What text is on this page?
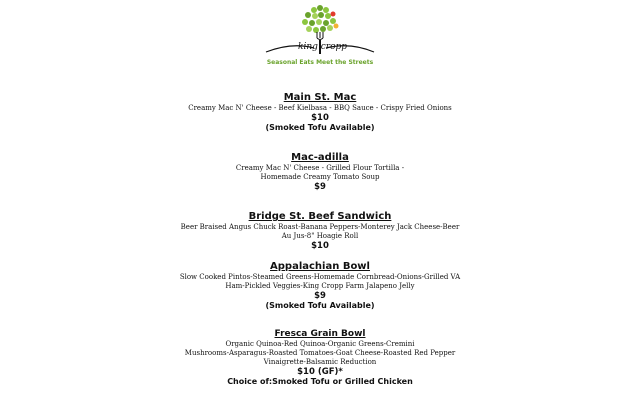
king cropp
Seasonal Eats Meet the Streets
Main St. Mac
Creamy Mac N' Cheese - Beef Kielbasa - BBQ Sauce - Crispy Fried Onions
$10
(Smoked Tofu Available)
Mac-adilla
Creamy Mac N' Cheese - Grilled Flour Tortilla -
Homemade Creamy Tomato Soup
$9
Bridge St. Beef Sandwich
Beer Braised Angus Chuck Roast-Banana Peppers-Monterey Jack Cheese-Beer
Au Jus-8" Hoagie Roll
$10
Appalachian Bowl
Slow Cooked Pintos-Steamed Greens-Homemade Cornbread-Onions-Grilled VA
Ham-Pickled Veggies-King Cropp Farm Jalapeno Jelly
$9
(Smoked Tofu Available)
Fresca Grain Bowl
Organic Quinoa-Red Quinoa-Organic Greens-Cremini
Mushrooms-Asparagus-Roasted Tomatoes-Goat Cheese-Roasted Red Pepper
Vinaigrette-Balsamic Reduction
$10 (GF)*
Choice of:Smoked Tofu or Grilled Chicken
